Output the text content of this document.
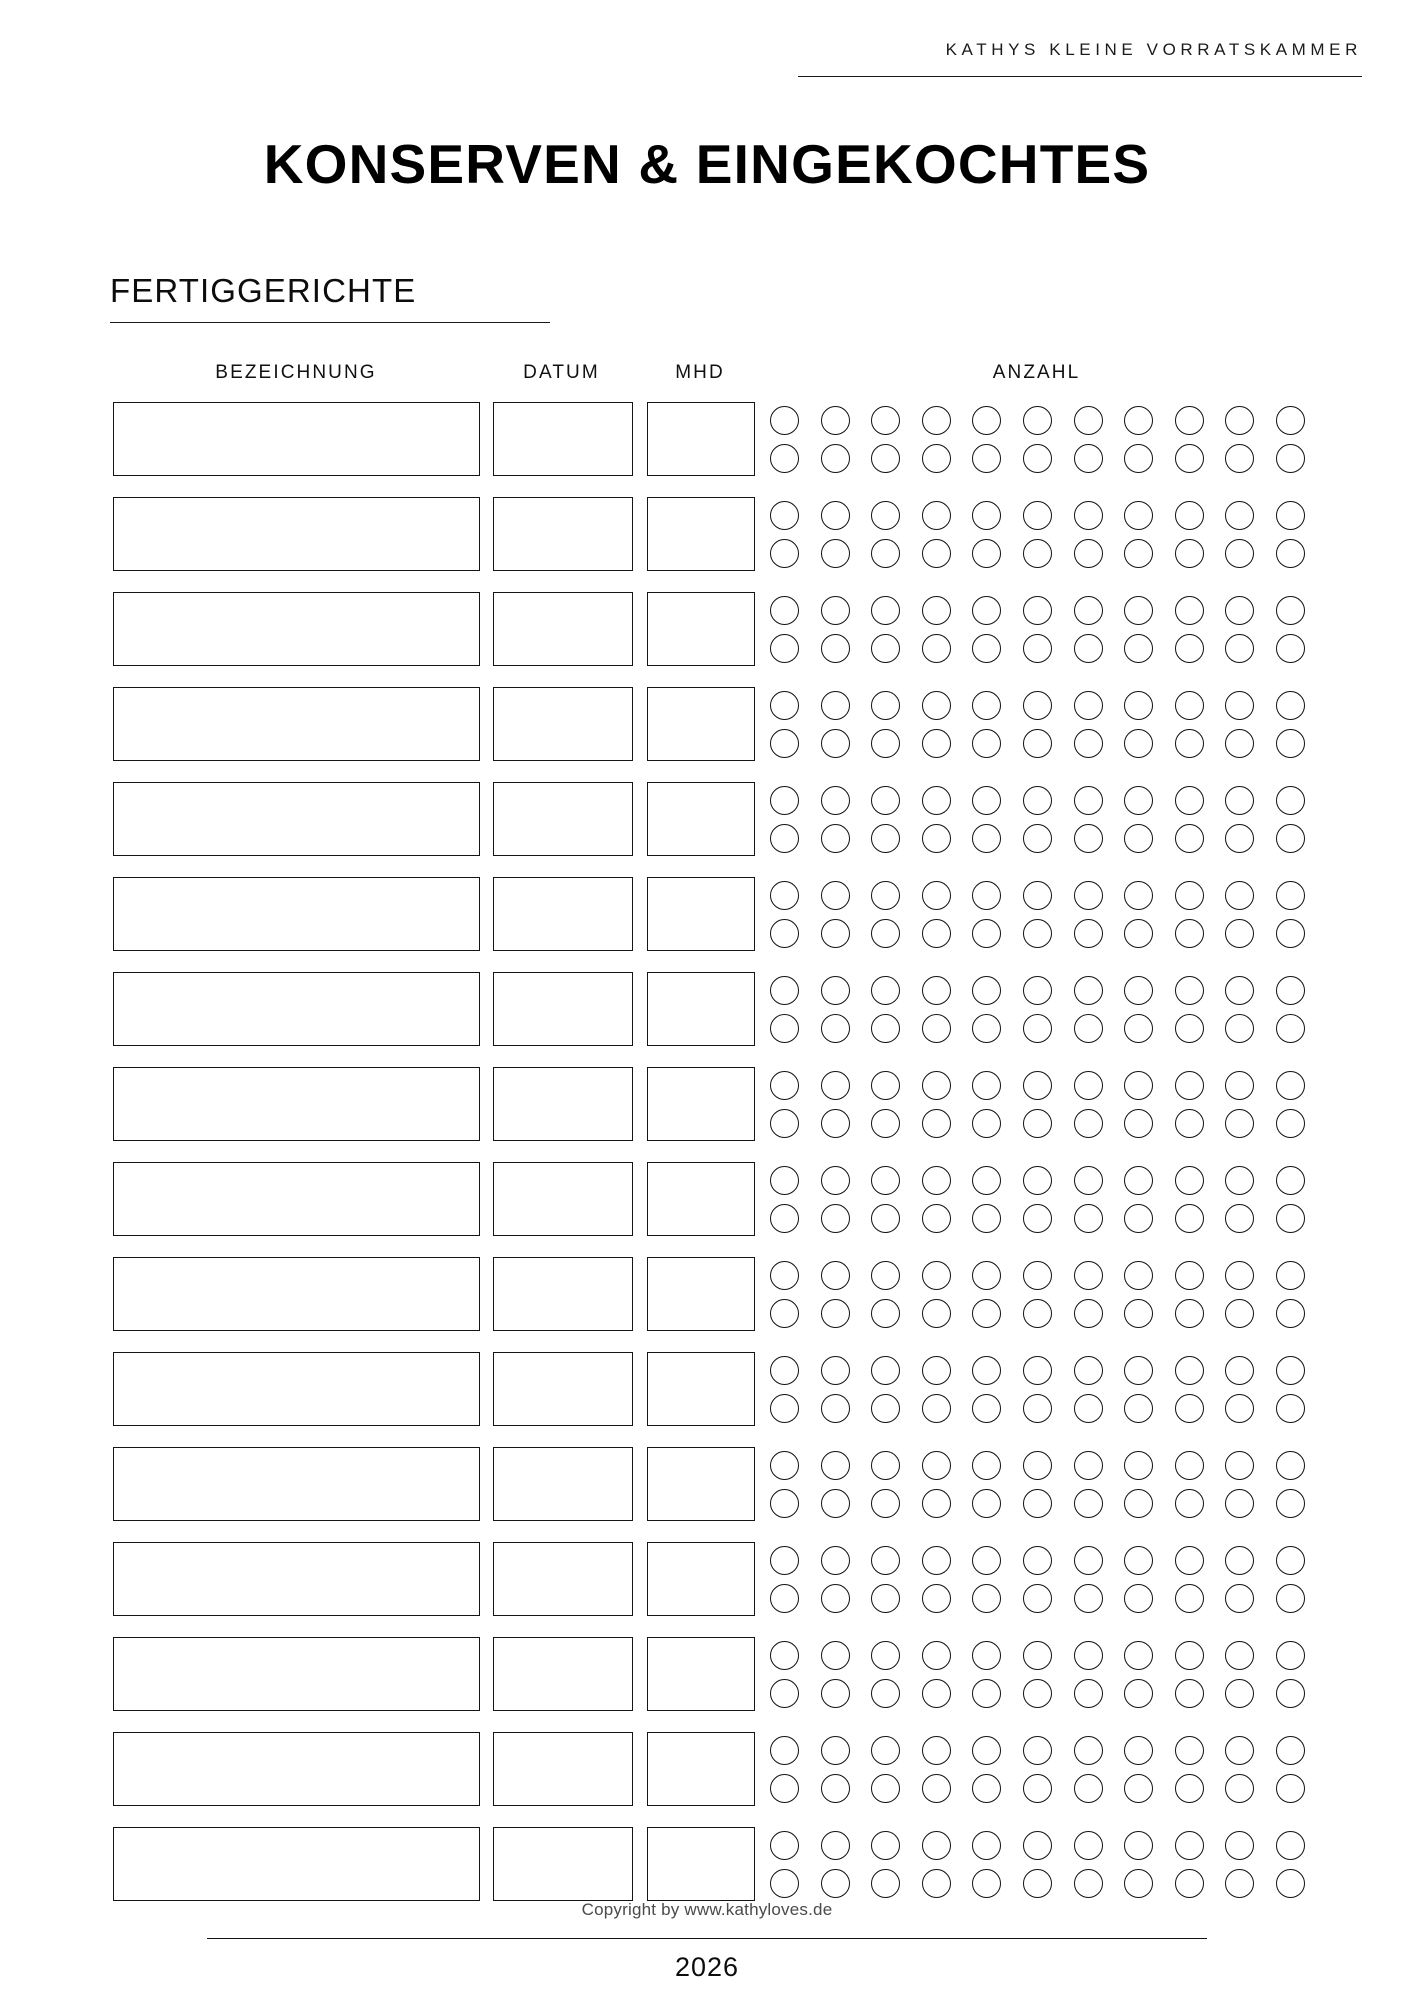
KATHYS KLEINE VORRATSKAMMER
KONSERVEN & EINGEKOCHTES
FERTIGGERICHTE
BEZEICHNUNG	DATUM	MHD	ANZAHL
Copyright by www.kathyloves.de
2026
